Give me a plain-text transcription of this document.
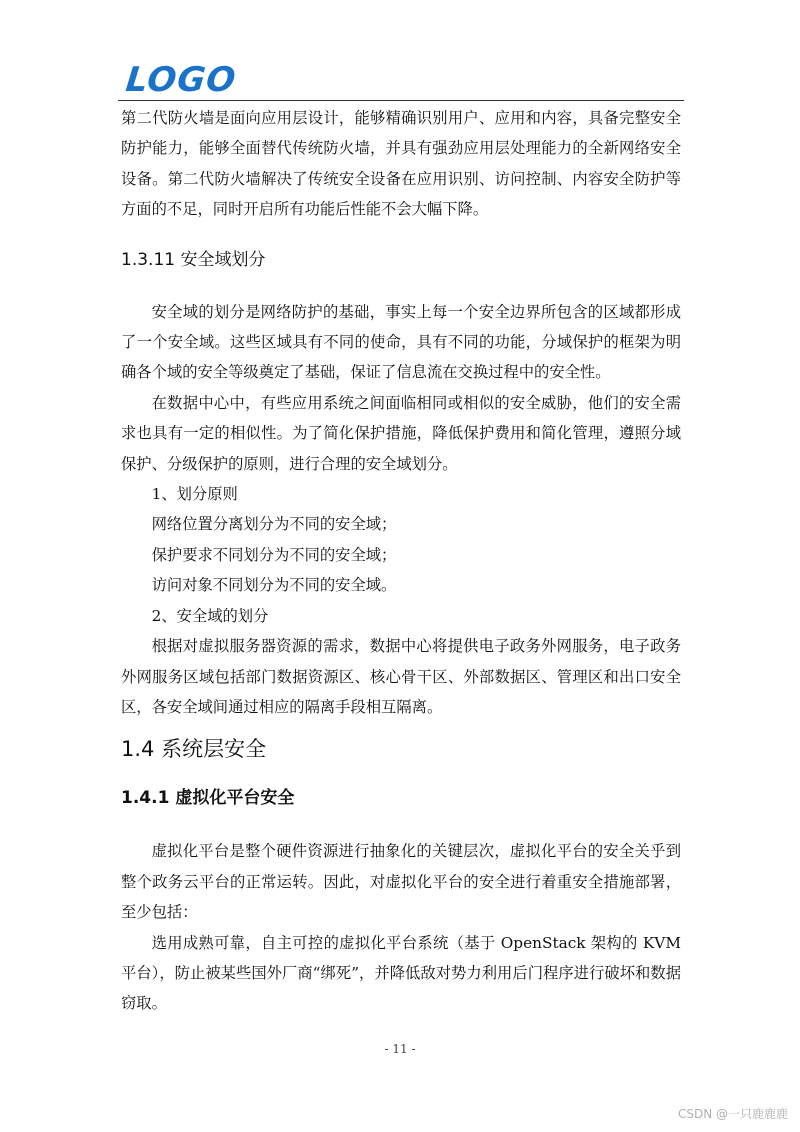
LOGO

第二代防火墙是面向应用层设计，能够精确识别用户、应用和内容，具备完整安全防护能力，能够全面替代传统防火墙，并具有强劲应用层处理能力的全新网络安全设备。第二代防火墙解决了传统安全设备在应用识别、访问控制、内容安全防护等方面的不足，同时开启所有功能后性能不会大幅下降。

1.3.11 安全域划分

安全域的划分是网络防护的基础，事实上每一个安全边界所包含的区域都形成了一个安全域。这些区域具有不同的使命，具有不同的功能，分域保护的框架为明确各个域的安全等级奠定了基础，保证了信息流在交换过程中的安全性。

在数据中心中，有些应用系统之间面临相同或相似的安全威胁，他们的安全需求也具有一定的相似性。为了简化保护措施，降低保护费用和简化管理，遵照分域保护、分级保护的原则，进行合理的安全域划分。

1、划分原则

网络位置分离划分为不同的安全域；

保护要求不同划分为不同的安全域；

访问对象不同划分为不同的安全域。

2、安全域的划分

根据对虚拟服务器资源的需求，数据中心将提供电子政务外网服务，电子政务外网服务区域包括部门数据资源区、核心骨干区、外部数据区、管理区和出口安全区，各安全域间通过相应的隔离手段相互隔离。

1.4 系统层安全
1.4.1 虚拟化平台安全

虚拟化平台是整个硬件资源进行抽象化的关键层次，虚拟化平台的安全关乎到整个政务云平台的正常运转。因此，对虚拟化平台的安全进行着重安全措施部署，至少包括：

选用成熟可靠，自主可控的虚拟化平台系统（基于 OpenStack 架构的 KVM 平台），防止被某些国外厂商“绑死”，并降低敌对势力利用后门程序进行破坏和数据窃取。

- 11 -
CSDN @一只鹿鹿鹿
